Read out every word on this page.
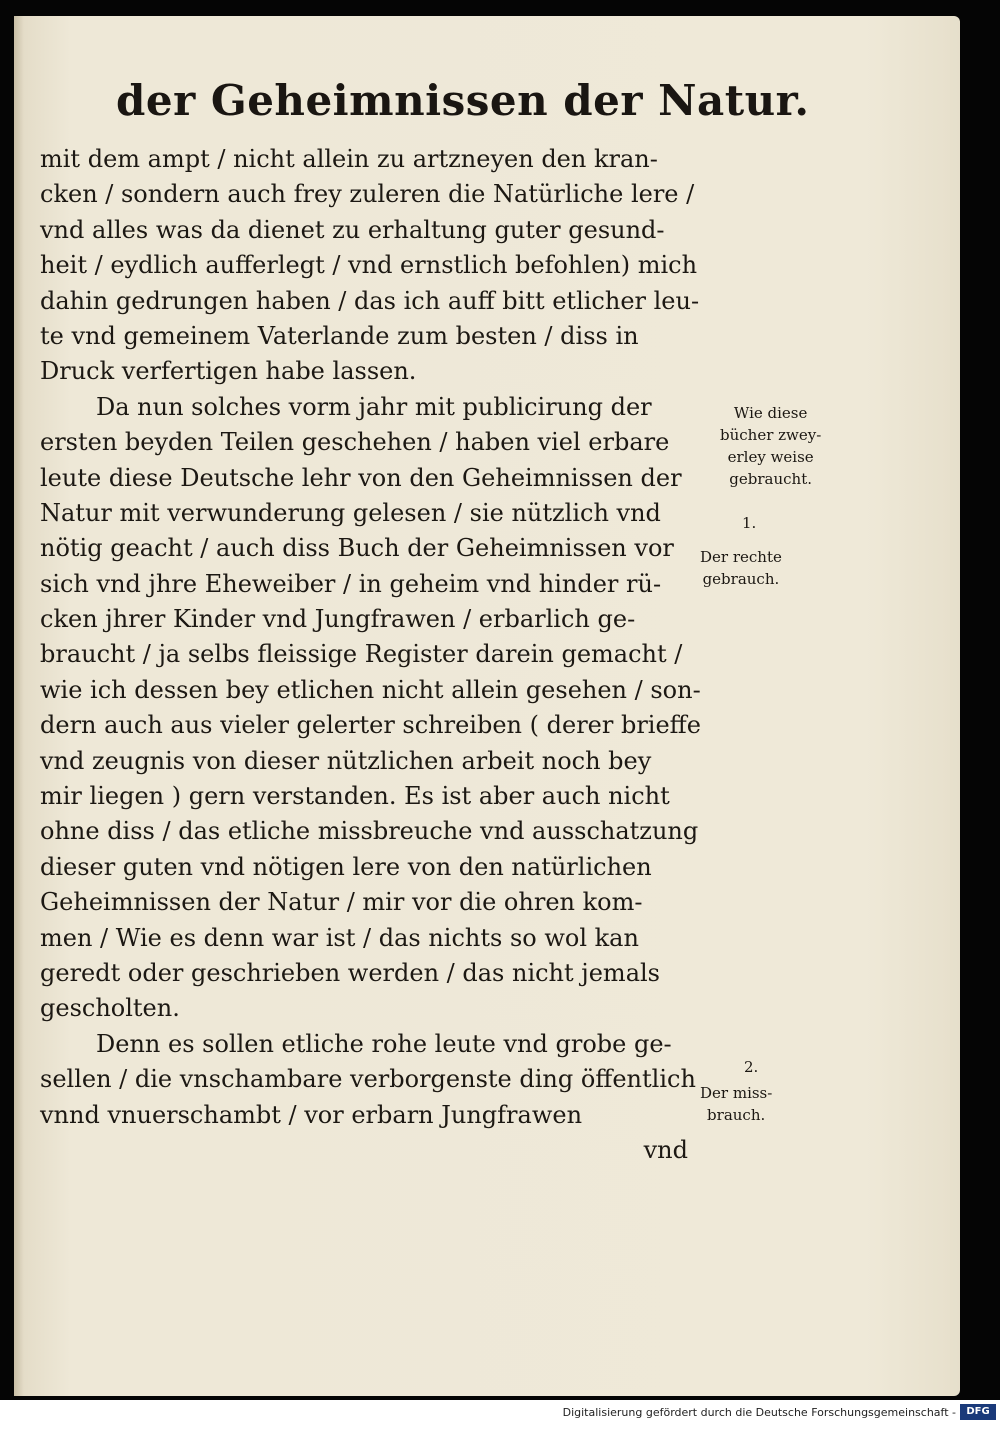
der Geheimnissen der Natur.
mit dem ampt / nicht allein zu artzneyen den kran-
cken / sondern auch frey zuleren die Natürliche lere /
vnd alles was da dienet zu erhaltung guter gesund-
heit / eydlich aufferlegt / vnd ernstlich befohlen) mich
dahin gedrungen haben / das ich auff bitt etlicher leu-
te vnd gemeinem Vaterlande zum besten / diss in
Druck verfertigen habe lassen.
Da nun solches vorm jahr mit publicirung der
ersten beyden Teilen geschehen / haben viel erbare
leute diese Deutsche lehr von den Geheimnissen der
Natur mit verwunderung gelesen / sie nützlich vnd
nötig geacht / auch diss Buch der Geheimnissen vor
sich vnd jhre Eheweiber / in geheim vnd hinder rü-
cken jhrer Kinder vnd Jungfrawen / erbarlich ge-
braucht / ja selbs fleissige Register darein gemacht /
wie ich dessen bey etlichen nicht allein gesehen / son-
dern auch aus vieler gelerter schreiben ( derer brieffe
vnd zeugnis von dieser nützlichen arbeit noch bey
mir liegen ) gern verstanden. Es ist aber auch nicht
ohne diss / das etliche missbreuche vnd ausschatzung
dieser guten vnd nötigen lere von den natürlichen
Geheimnissen der Natur / mir vor die ohren kom-
men / Wie es denn war ist / das nichts so wol kan
geredt oder geschrieben werden / das nicht jemals
gescholten.
Denn es sollen etliche rohe leute vnd grobe ge-
sellen / die vnschambare verborgenste ding öffentlich
vnnd vnuerschambt / vor erbarn Jungfrawen
vnd
Wie diese
bücher zwey-
erley weise
gebraucht.
1.
Der rechte
gebrauch.
2.
Der miss-
brauch.
Digitalisierung gefördert durch die Deutsche Forschungsgemeinschaft -	DFG
